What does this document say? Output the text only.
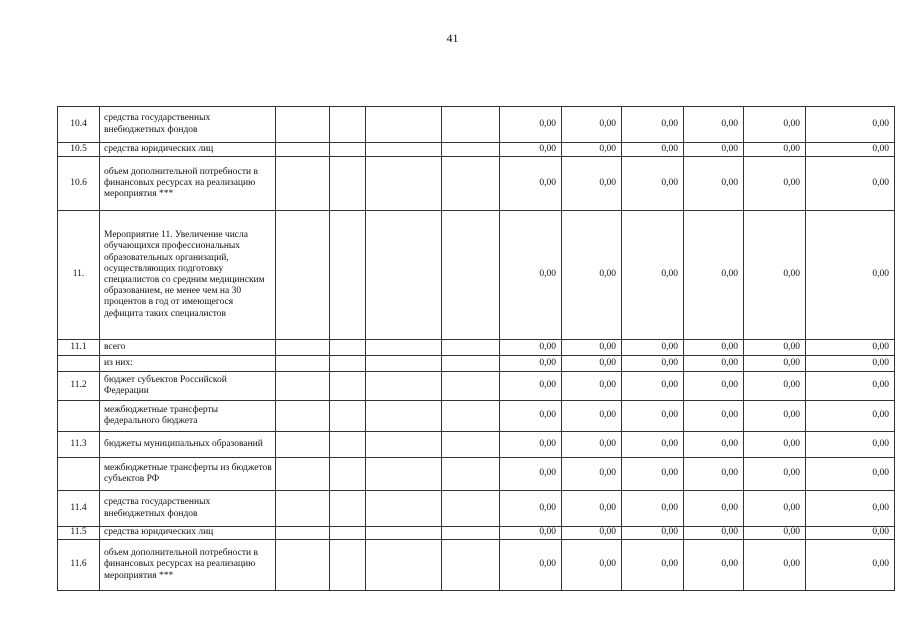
41
10.4	средства государственных внебюджетных фондов					0,00	0,00	0,00	0,00	0,00	0,00
10.5	средства юридических лиц					0,00	0,00	0,00	0,00	0,00	0,00
10.6	объем дополнительной потребности в финансовых ресурсах на реализацию мероприятия ***					0,00	0,00	0,00	0,00	0,00	0,00
11.	Мероприятие 11. Увеличение числа обучающихся профессиональных образовательных организаций, осуществляющих подготовку специалистов со средним медицинским образованием, не менее чем на 30 процентов в год от имеющегося дефицита таких специалистов					0,00	0,00	0,00	0,00	0,00	0,00
11.1	всего					0,00	0,00	0,00	0,00	0,00	0,00
	из них:					0,00	0,00	0,00	0,00	0,00	0,00
11.2	бюджет субъектов Российской Федерации					0,00	0,00	0,00	0,00	0,00	0,00
	межбюджетные трансферты федерального бюджета					0,00	0,00	0,00	0,00	0,00	0,00
11.3	бюджеты муниципальных образований					0,00	0,00	0,00	0,00	0,00	0,00
	межбюджетные трансферты из бюджетов субъектов РФ					0,00	0,00	0,00	0,00	0,00	0,00
11.4	средства государственных внебюджетных фондов					0,00	0,00	0,00	0,00	0,00	0,00
11.5	средства юридических лиц					0,00	0,00	0,00	0,00	0,00	0,00
11.6	объем дополнительной потребности в финансовых ресурсах на реализацию мероприятия ***					0,00	0,00	0,00	0,00	0,00	0,00
